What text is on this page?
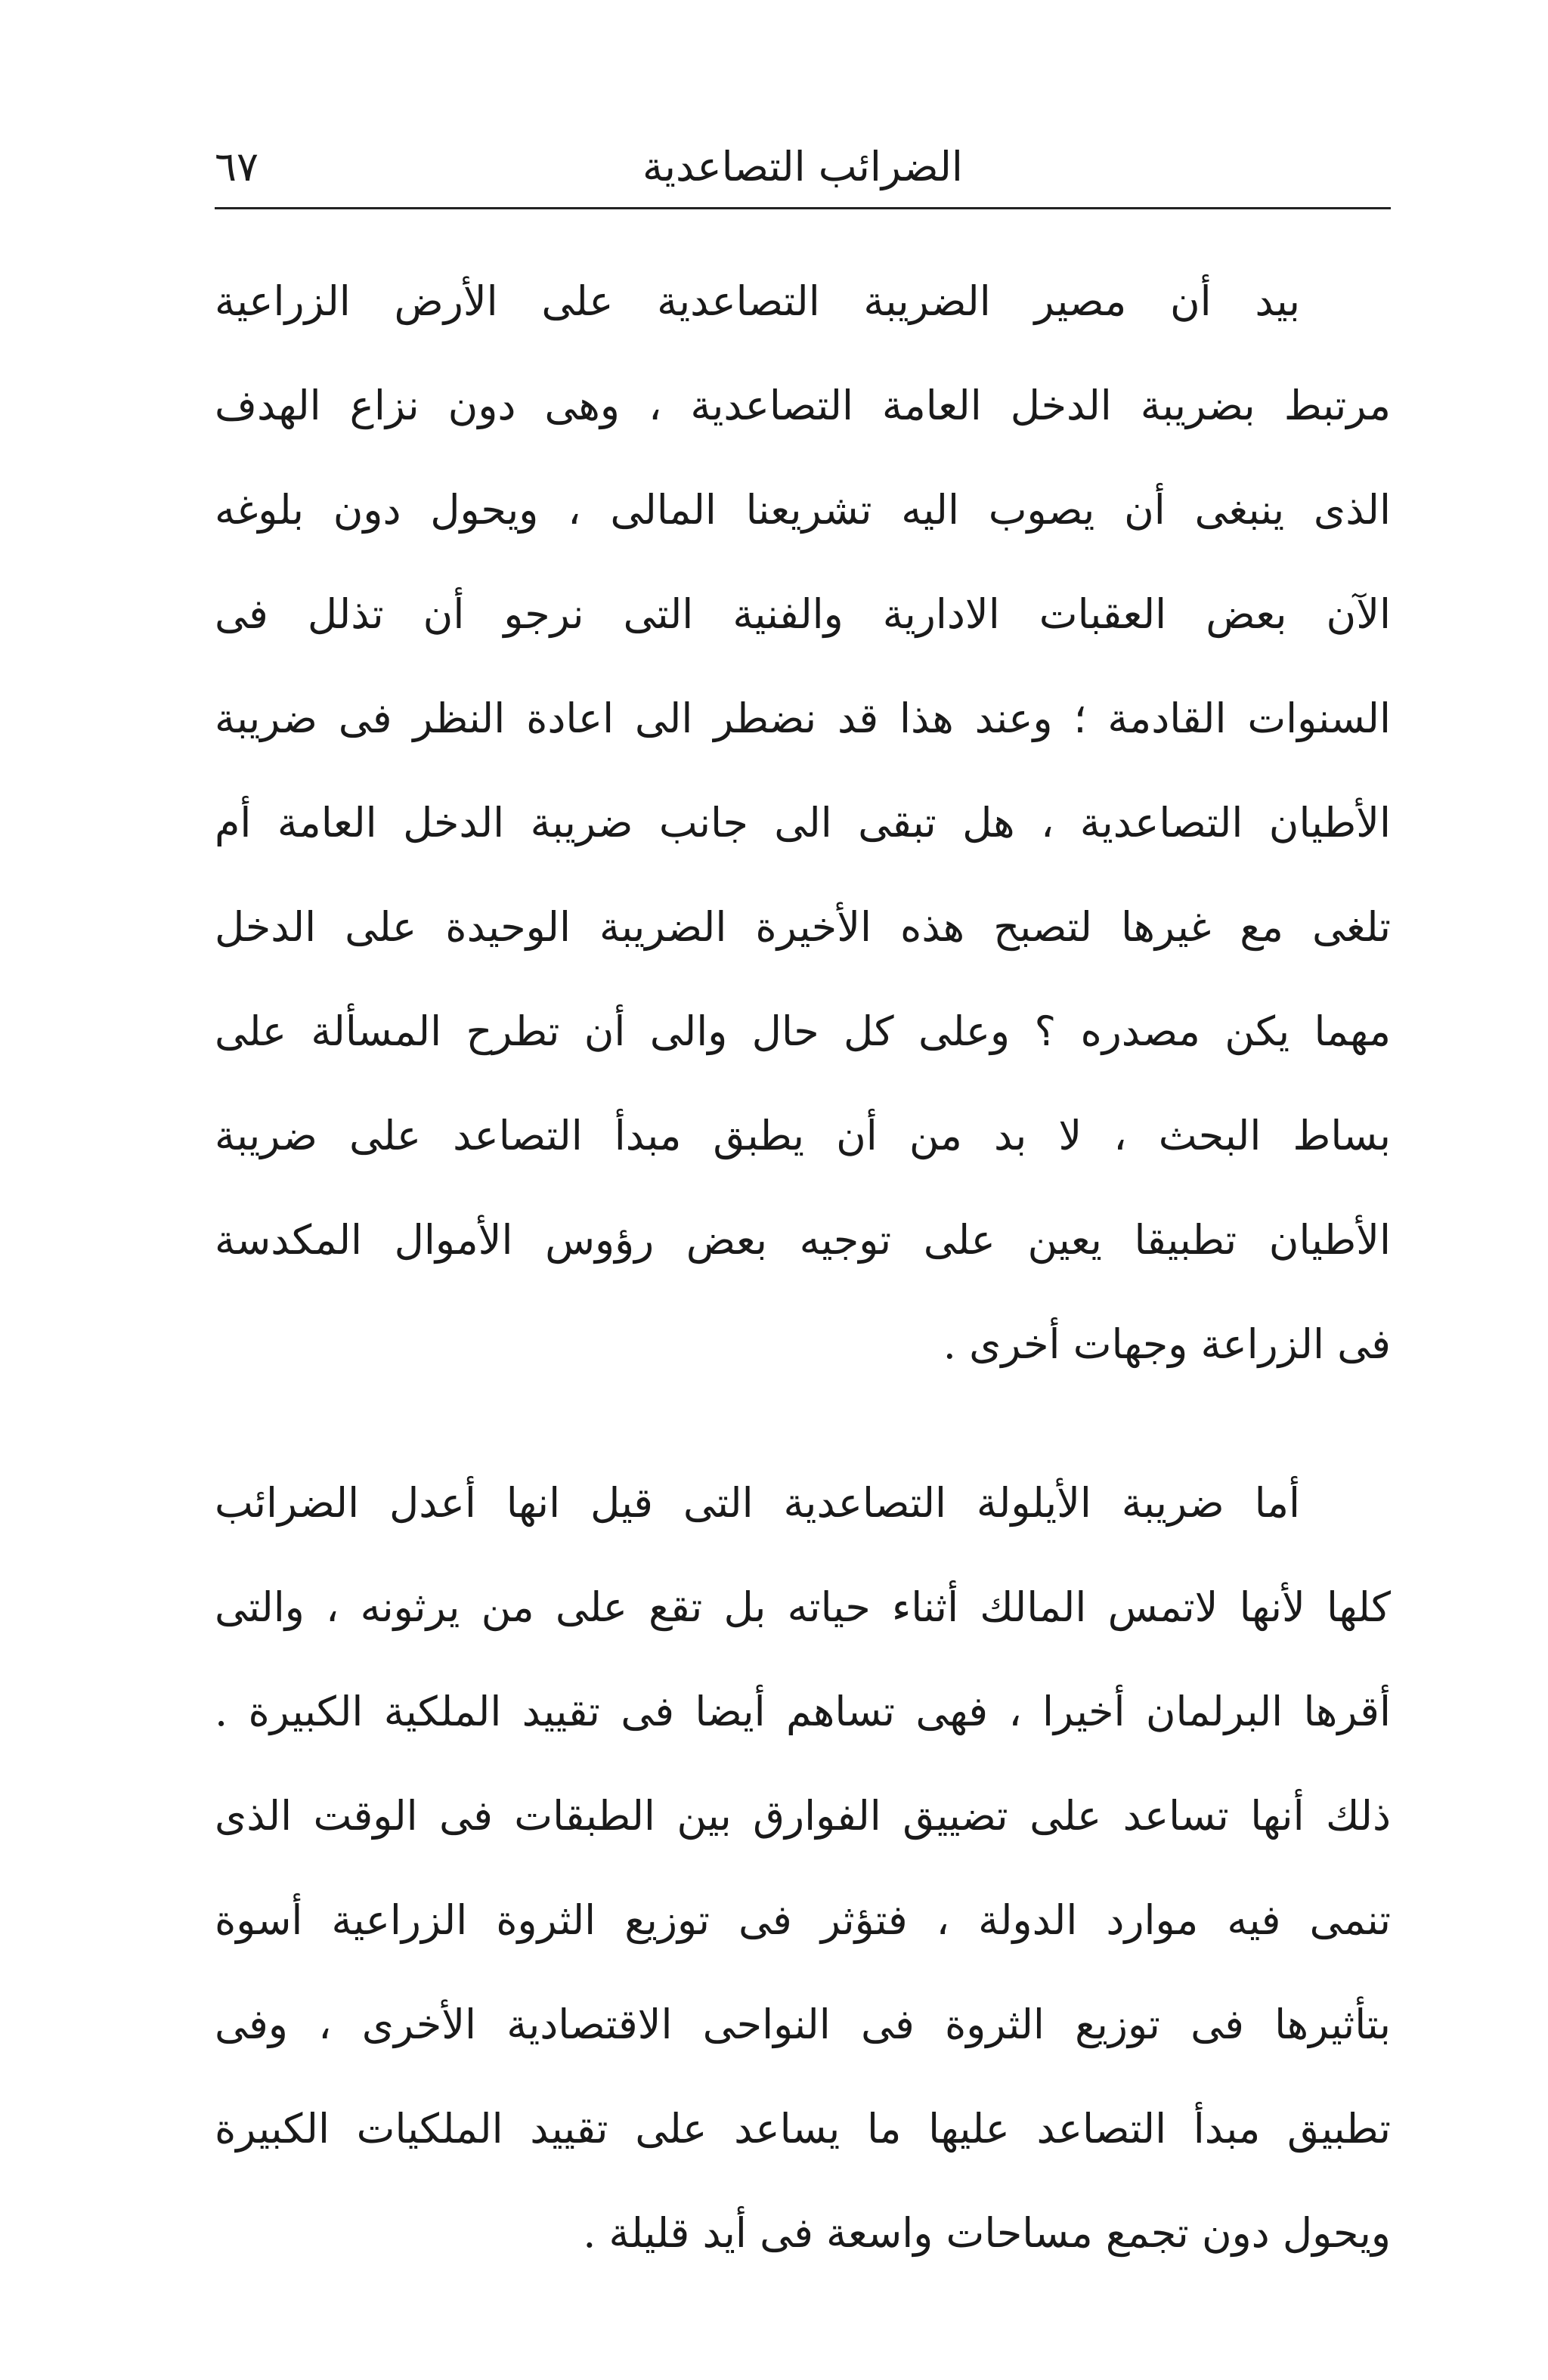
٦٧	الضرائب التصاعدية
بيد أن مصير الضريبة التصاعدية على الأرض الزراعية
مرتبط بضريبة الدخل العامة التصاعدية ، وهى دون نزاع الهدف
الذى ينبغى أن يصوب اليه تشريعنا المالى ، ويحول دون بلوغه
الآن بعض العقبات الادارية والفنية التى نرجو أن تذلل فى
السنوات القادمة ؛ وعند هذا قد نضطر الى اعادة النظر فى ضريبة
الأطيان التصاعدية ، هل تبقى الى جانب ضريبة الدخل العامة أم
تلغى مع غيرها لتصبح هذه الأخيرة الضريبة الوحيدة على الدخل
مهما يكن مصدره ؟ وعلى كل حال والى أن تطرح المسألة على
بساط البحث ، لا بد من أن يطبق مبدأ التصاعد على ضريبة
الأطيان تطبيقا يعين على توجيه بعض رؤوس الأموال المكدسة
فى الزراعة وجهات أخرى .
أما ضريبة الأيلولة التصاعدية التى قيل انها أعدل الضرائب
كلها لأنها لاتمس المالك أثناء حياته بل تقع على من يرثونه ، والتى
أقرها البرلمان أخيرا ، فهى تساهم أيضا فى تقييد الملكية الكبيرة .
ذلك أنها تساعد على تضييق الفوارق بين الطبقات فى الوقت الذى
تنمى فيه موارد الدولة ، فتؤثر فى توزيع الثروة الزراعية أسوة
بتأثيرها فى توزيع الثروة فى النواحى الاقتصادية الأخرى ، وفى
تطبيق مبدأ التصاعد عليها ما يساعد على تقييد الملكيات الكبيرة
ويحول دون تجمع مساحات واسعة فى أيد قليلة .
